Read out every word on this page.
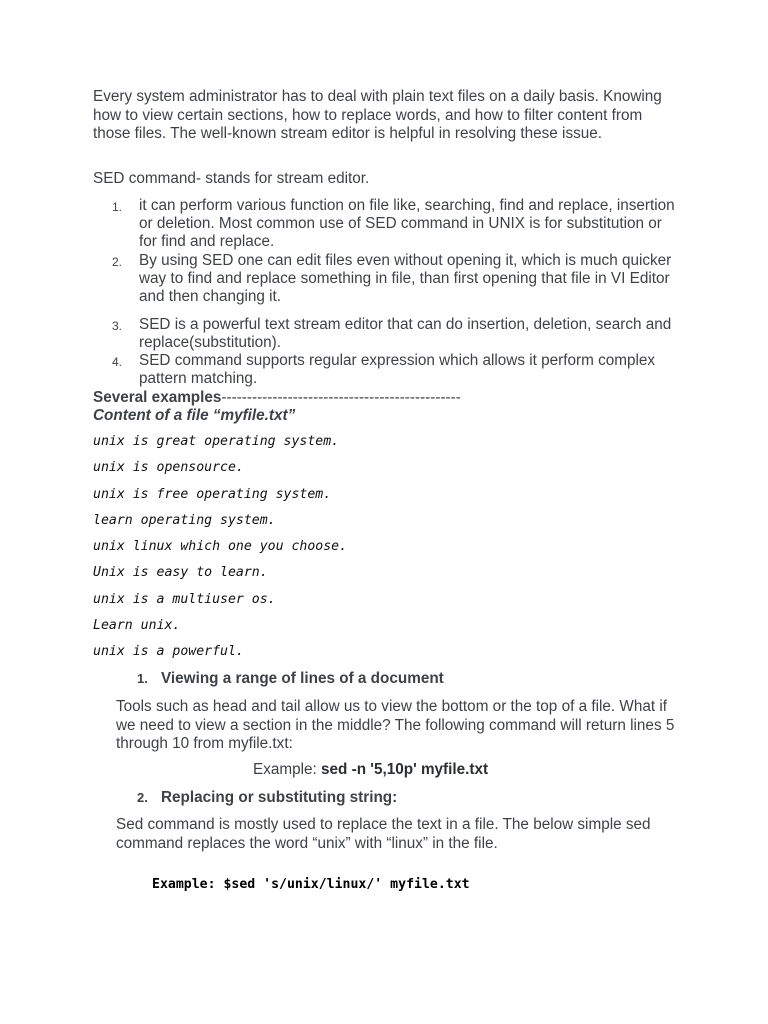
Every system administrator has to deal with plain text files on a daily basis. Knowing how to view certain sections, how to replace words, and how to filter content from those files. The well-known stream editor is helpful in resolving these issue.

SED command- stands for stream editor.

1. it can perform various function on file like, searching, find and replace, insertion or deletion. Most common use of SED command in UNIX is for substitution or for find and replace.
2. By using SED one can edit files even without opening it, which is much quicker way to find and replace something in file, than first opening that file in VI Editor and then changing it.
3. SED is a powerful text stream editor that can do insertion, deletion, search and replace(substitution).
4. SED command supports regular expression which allows it perform complex pattern matching.
Several examples-----------------------------------------------
Content of a file “myfile.txt”
unix is great operating system.
unix is opensource.
unix is free operating system.
learn operating system.
unix linux which one you choose.
Unix is easy to learn.
unix is a multiuser os.
Learn unix.
unix is a powerful.
1. Viewing a range of lines of a document
Tools such as head and tail allow us to view the bottom or the top of a file. What if we need to view a section in the middle? The following command will return lines 5 through 10 from myfile.txt:
Example: sed -n '5,10p' myfile.txt
2. Replacing or substituting string:
Sed command is mostly used to replace the text in a file. The below simple sed command replaces the word “unix” with “linux” in the file.
Example: $sed 's/unix/linux/' myfile.txt
